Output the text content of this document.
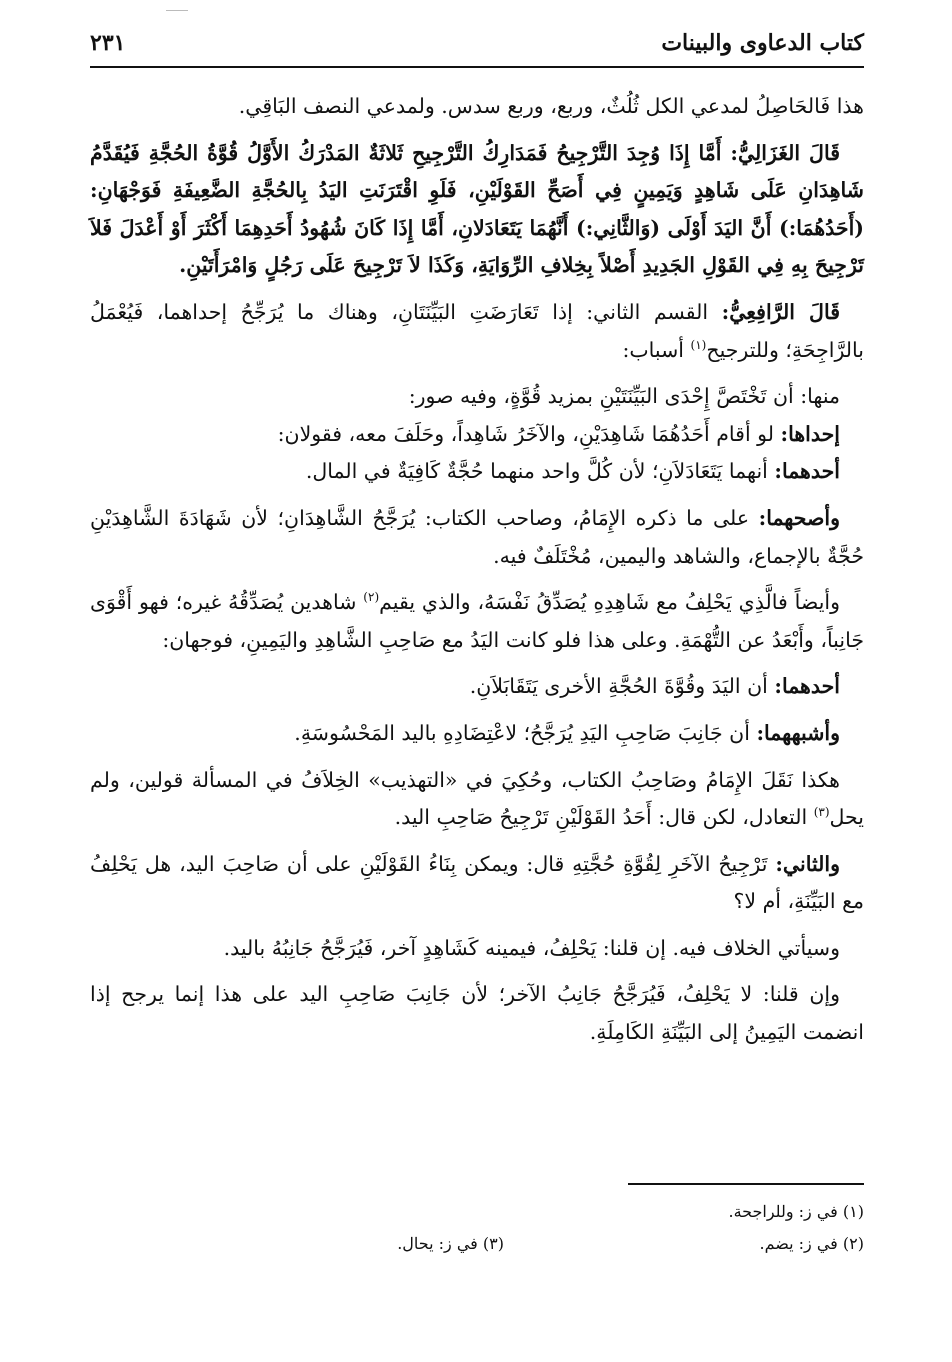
كتاب الدعاوى والبينات
٢٣١

هذا فَالحَاصِلُ لمدعي الكل ثُلُثٌ، وربع، وربع سدس. ولمدعي النصف البَاقِي.

قَالَ الغَزَالِيُّ: أَمَّا إِذَا وُجِدَ التَّرْجِيحُ فَمَدَارِكُ التَّرْجِيحِ ثَلاثَةٌ المَدْرَكُ الأَوَّلُ قُوَّةُ الحُجَّةِ فَيُقَدَّمُ شَاهِدَانِ عَلَى شَاهِدٍ وَيَمِينٍ فِي أَصَحِّ القَوْلَيْنِ، فَلَوِ اقْتَرَنَتِ اليَدُ بِالحُجَّةِ الضَّعِيفَةِ فَوَجْهَانِ: (أَحَدُهُمَا:) أَنَّ اليَدَ أَوْلَى (وَالثَّانِي:) أَنَّهُمَا يَتَعَادَلانِ، أَمَّا إِذَا كَانَ شُهُودُ أَحَدِهِمَا أَكْثَرَ أَوْ أَعْدَلَ فَلاَ تَرْجِيحَ بِهِ فِي القَوْلِ الجَدِيدِ أَصْلاً بِخِلافِ الرِّوَايَةِ، وَكَذَا لاَ تَرْجِيحَ عَلَى رَجُلٍ وَامْرَأَتَيْنِ.

قَالَ الرَّافِعِيُّ: القسم الثاني: إذا تَعَارَضَتِ البَيِّنَتَانِ، وهناك ما يُرَجِّحُ إحداهما، فَيُعْمَلُ بالرَّاجِحَةِ؛ وللترجيح$^{(١)}$ أسباب:

منها: أن تَخْتَصَّ إِحْدَى البَيِّنَتَيْنِ بمزيد قُوَّةٍ، وفيه صور:

إحداها: لو أقام أَحَدُهُمَا شَاهِدَيْنِ، والآخَرُ شَاهِداً، وحَلَفَ معه، فقولان:

أحدهما: أنهما يَتَعَادَلاَنِ؛ لأن كُلَّ واحد منهما حُجَّةٌ كَافِيَةٌ في المال.

وأصحهما: على ما ذكره الإِمَامُ، وصاحب الكتاب: يُرَجَّحُ الشَّاهِدَانِ؛ لأن شَهَادَةَ الشَّاهِدَيْنِ حُجَّةٌ بالإجماع، والشاهد واليمين، مُخْتَلَفٌ فيه.

وأيضاً فالَّذِي يَحْلِفُ مع شَاهِدِهِ يُصَدِّقُ نَفْسَهُ، والذي يقيم$^{(٢)}$ شاهدين يُصَدِّقُهُ غيره؛ فهو أَقْوَى جَانِباً، وأَبْعَدُ عن التُّهْمَةِ. وعلى هذا فلو كانت اليَدُ مع صَاحِبِ الشَّاهِدِ واليَمِينِ، فوجهان:

أحدهما: أن اليَدَ وقُوَّةَ الحُجَّةِ الأخرى يَتَقَابَلاَنِ.

وأشبههما: أن جَانِبَ صَاحِبِ اليَدِ يُرَجَّحُ؛ لاعْتِضَادِهِ باليد المَحْسُوسَةِ.

هكذا نَقَلَ الإِمَامُ وصَاحِبُ الكتاب، وحُكِيَ في «التهذيب» الخِلاَفُ في المسألة قولين، ولم يحل$^{(٣)}$ التعادل، لكن قال: أَحَدُ القَوْلَيْنِ تَرْجِيحُ صَاحِبِ اليد.

والثاني: تَرْجِيحُ الآخَرِ لِقُوَّةِ حُجَّتِهِ قال: ويمكن بِنَاءُ القَوْلَيْنِ على أن صَاحِبَ اليد، هل يَحْلِفُ مع البَيِّنَةِ، أم لا؟

وسيأتي الخلاف فيه. إن قلنا: يَحْلِفُ، فيمينه كَشَاهِدٍ آخر، فَيُرَجَّحُ جَانِبُهُ باليد.

وإن قلنا: لا يَحْلِفُ، فَيُرَجَّحُ جَانِبُ الآخر؛ لأن جَانِبَ صَاحِبِ اليد على هذا إنما يرجح إذا انضمت اليَمِينُ إلى البَيِّنَةِ الكَامِلَةِ.

(١) في ز: وللراجحة.
(٢) في ز: يضم.
(٣) في ز: يحال.
